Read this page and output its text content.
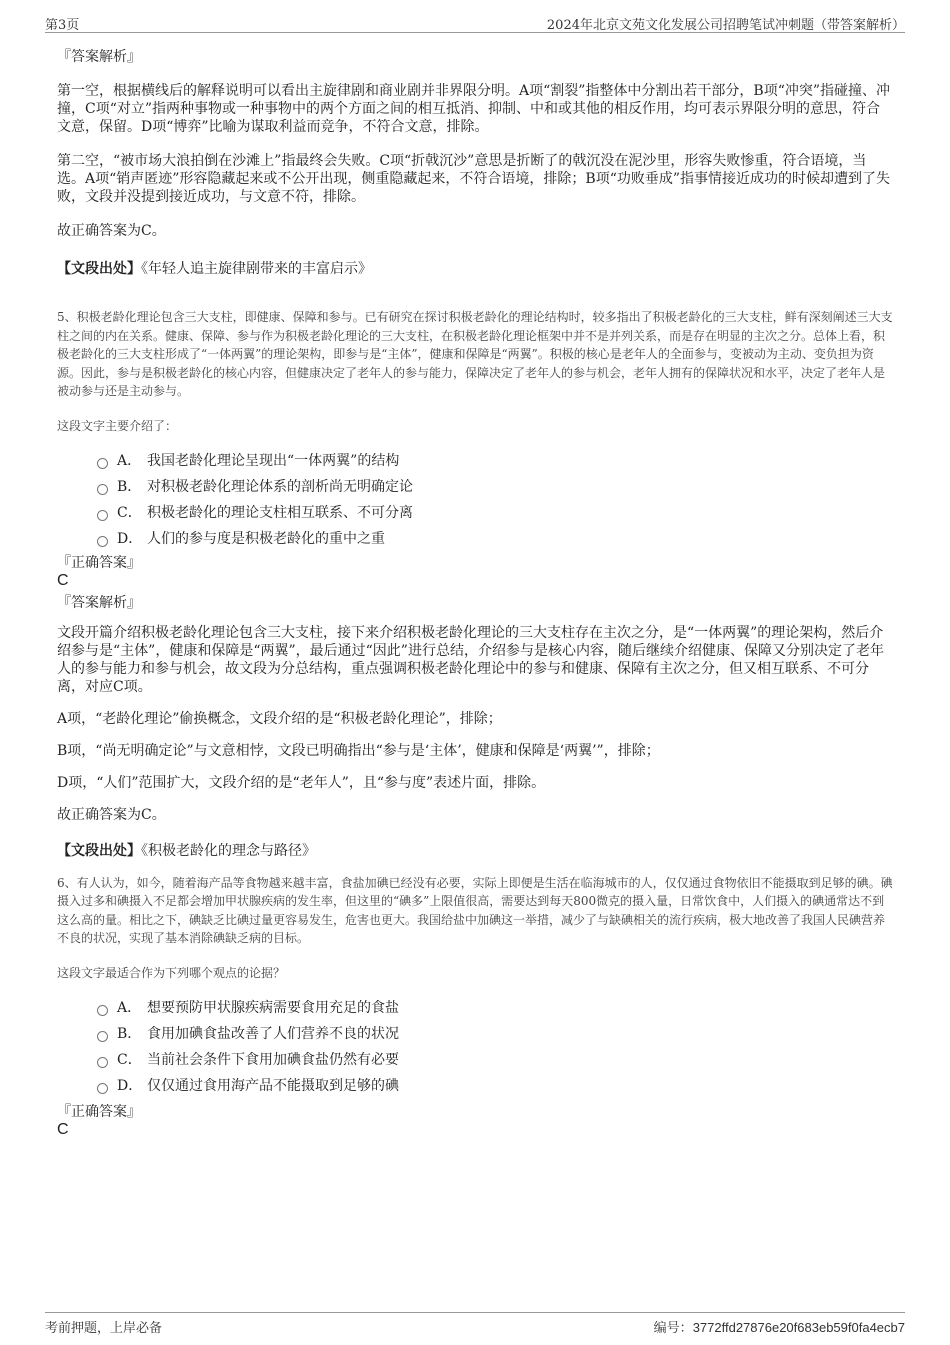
第3页	2024年北京文苑文化发展公司招聘笔试冲刺题（带答案解析）

『答案解析』

第一空，根据横线后的解释说明可以看出主旋律剧和商业剧并非界限分明。A项“割裂”指整体中分割出若干部分，B项“冲突”指碰撞、冲撞，C项“对立”指两种事物或一种事物中的两个方面之间的相互抵消、抑制、中和或其他的相反作用，均可表示界限分明的意思，符合文意，保留。D项“博弈”比喻为谋取利益而竞争，不符合文意，排除。

第二空，“被市场大浪拍倒在沙滩上”指最终会失败。C项“折戟沉沙”意思是折断了的戟沉没在泥沙里，形容失败惨重，符合语境，当选。A项“销声匿迹”形容隐藏起来或不公开出现，侧重隐藏起来，不符合语境，排除；B项“功败垂成”指事情接近成功的时候却遭到了失败，文段并没提到接近成功，与文意不符，排除。

故正确答案为C。

【文段出处】《年轻人追主旋律剧带来的丰富启示》

5、积极老龄化理论包含三大支柱，即健康、保障和参与。已有研究在探讨积极老龄化的理论结构时，较多指出了积极老龄化的三大支柱，鲜有深刻阐述三大支柱之间的内在关系。健康、保障、参与作为积极老龄化理论的三大支柱，在积极老龄化理论框架中并不是并列关系，而是存在明显的主次之分。总体上看，积极老龄化的三大支柱形成了“一体两翼”的理论架构，即参与是“主体”，健康和保障是“两翼”。积极的核心是老年人的全面参与，变被动为主动、变负担为资源。因此，参与是积极老龄化的核心内容，但健康决定了老年人的参与能力，保障决定了老年人的参与机会，老年人拥有的保障状况和水平，决定了老年人是被动参与还是主动参与。

这段文字主要介绍了：

A． 我国老龄化理论呈现出“一体两翼”的结构
B． 对积极老龄化理论体系的剖析尚无明确定论
C． 积极老龄化的理论支柱相互联系、不可分离
D． 人们的参与度是积极老龄化的重中之重

『正确答案』

C

『答案解析』

文段开篇介绍积极老龄化理论包含三大支柱，接下来介绍积极老龄化理论的三大支柱存在主次之分，是“一体两翼”的理论架构，然后介绍参与是“主体”，健康和保障是“两翼”，最后通过“因此”进行总结，介绍参与是核心内容，随后继续介绍健康、保障又分别决定了老年人的参与能力和参与机会，故文段为分总结构，重点强调积极老龄化理论中的参与和健康、保障有主次之分，但又相互联系、不可分离，对应C项。

A项，“老龄化理论”偷换概念，文段介绍的是“积极老龄化理论”，排除；

B项，“尚无明确定论”与文意相悖，文段已明确指出“参与是‘主体’，健康和保障是‘两翼’”，排除；

D项，“人们”范围扩大，文段介绍的是“老年人”，且“参与度”表述片面，排除。

故正确答案为C。

【文段出处】《积极老龄化的理念与路径》

6、有人认为，如今，随着海产品等食物越来越丰富，食盐加碘已经没有必要，实际上即便是生活在临海城市的人，仅仅通过食物依旧不能摄取到足够的碘。碘摄入过多和碘摄入不足都会增加甲状腺疾病的发生率，但这里的“碘多”上限值很高，需要达到每天800微克的摄入量，日常饮食中，人们摄入的碘通常达不到这么高的量。相比之下，碘缺乏比碘过量更容易发生，危害也更大。我国给盐中加碘这一举措，减少了与缺碘相关的流行疾病，极大地改善了我国人民碘营养不良的状况，实现了基本消除碘缺乏病的目标。

这段文字最适合作为下列哪个观点的论据？

A． 想要预防甲状腺疾病需要食用充足的食盐
B． 食用加碘食盐改善了人们营养不良的状况
C． 当前社会条件下食用加碘食盐仍然有必要
D． 仅仅通过食用海产品不能摄取到足够的碘

『正确答案』

C

考前押题，上岸必备	编号：3772ffd27876e20f683eb59f0fa4ecb7
